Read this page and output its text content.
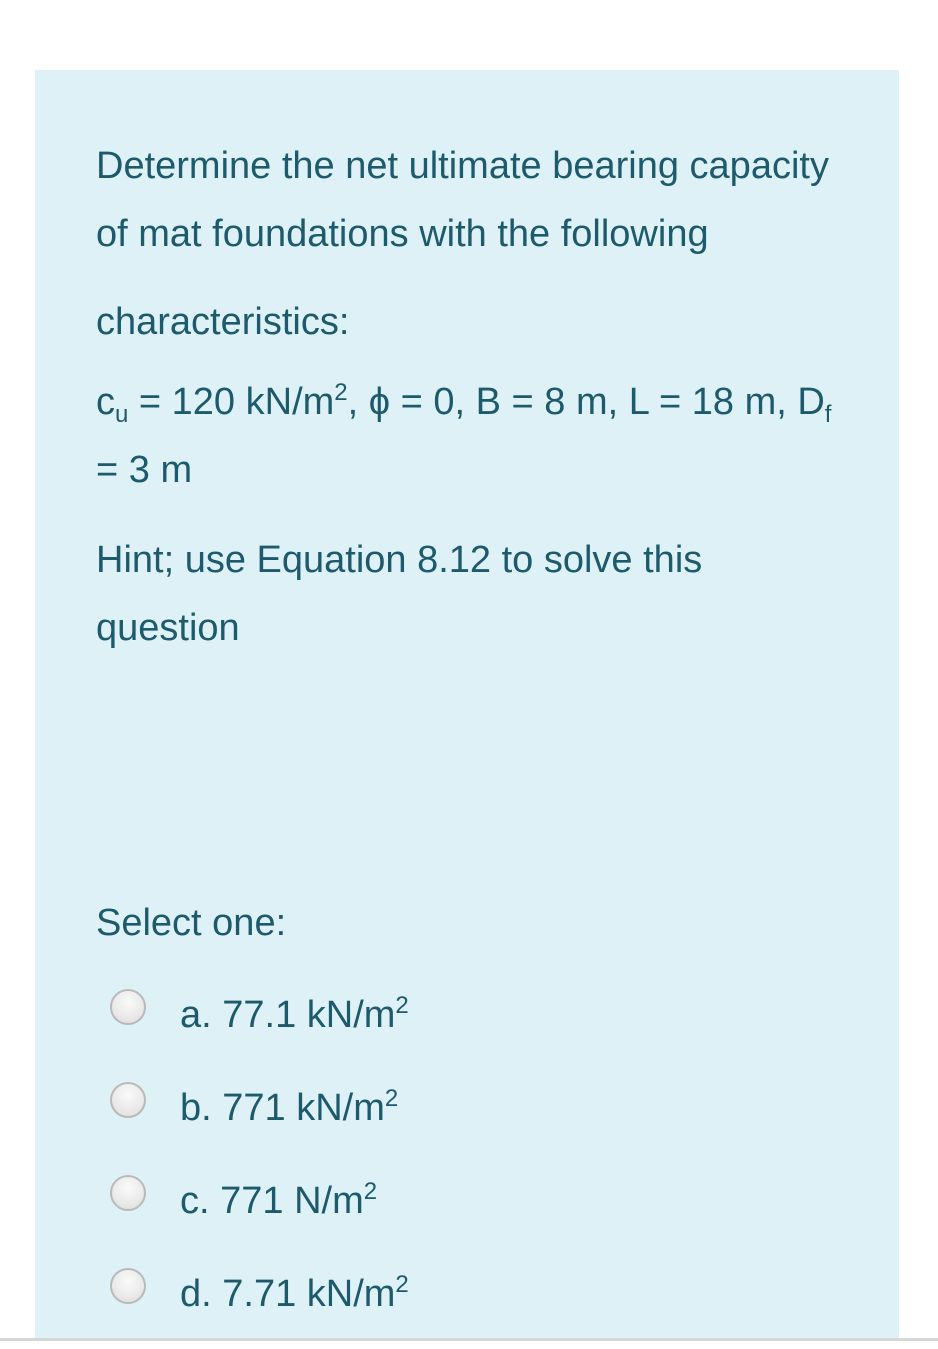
Determine the net ultimate bearing capacity of mat foundations with the following

characteristics:

$c_u = 120$ $kN/m^2$, ϕ = 0, B = 8 m, L = 18 m, $D_f = 3$ m

Hint; use Equation 8.12 to solve this question

Select one:
a. 77.1 $kN/m^2$
b. 771 $kN/m^2$
c. 771 $N/m^2$
d. 7.71 $kN/m^2$
